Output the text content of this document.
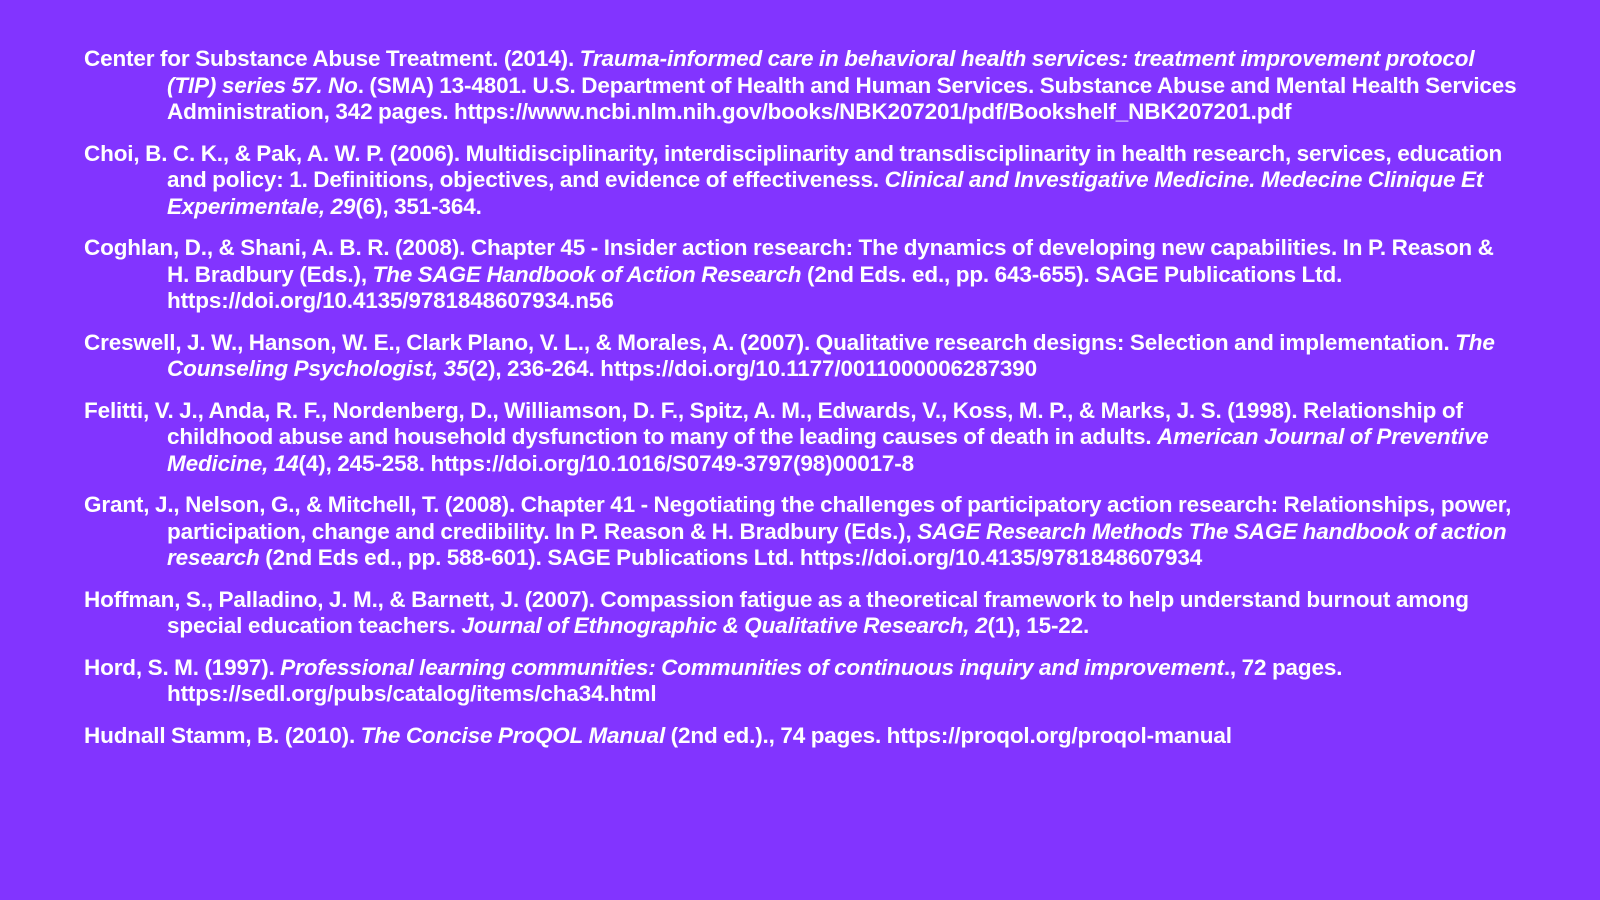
Center for Substance Abuse Treatment. (2014). Trauma-informed care in behavioral health services: treatment improvement protocol (TIP) series 57. No. (SMA) 13-4801. U.S. Department of Health and Human Services. Substance Abuse and Mental Health Services Administration, 342 pages. https://www.ncbi.nlm.nih.gov/books/NBK207201/pdf/Bookshelf_NBK207201.pdf
Choi, B. C. K., & Pak, A. W. P. (2006). Multidisciplinarity, interdisciplinarity and transdisciplinarity in health research, services, education and policy: 1. Definitions, objectives, and evidence of effectiveness. Clinical and Investigative Medicine. Medecine Clinique Et Experimentale, 29(6), 351-364.
Coghlan, D., & Shani, A. B. R. (2008). Chapter 45 - Insider action research: The dynamics of developing new capabilities. In P. Reason & H. Bradbury (Eds.), The SAGE Handbook of Action Research (2nd Eds. ed., pp. 643-655). SAGE Publications Ltd. https://doi.org/10.4135/9781848607934.n56
Creswell, J. W., Hanson, W. E., Clark Plano, V. L., & Morales, A. (2007). Qualitative research designs: Selection and implementation. The Counseling Psychologist, 35(2), 236-264. https://doi.org/10.1177/0011000006287390
Felitti, V. J., Anda, R. F., Nordenberg, D., Williamson, D. F., Spitz, A. M., Edwards, V., Koss, M. P., & Marks, J. S. (1998). Relationship of childhood abuse and household dysfunction to many of the leading causes of death in adults. American Journal of Preventive Medicine, 14(4), 245-258. https://doi.org/10.1016/S0749-3797(98)00017-8
Grant, J., Nelson, G., & Mitchell, T. (2008). Chapter 41 - Negotiating the challenges of participatory action research: Relationships, power, participation, change and credibility. In P. Reason & H. Bradbury (Eds.), SAGE Research Methods The SAGE handbook of action research (2nd Eds ed., pp. 588-601). SAGE Publications Ltd. https://doi.org/10.4135/9781848607934
Hoffman, S., Palladino, J. M., & Barnett, J. (2007). Compassion fatigue as a theoretical framework to help understand burnout among special education teachers. Journal of Ethnographic & Qualitative Research, 2(1), 15-22.
Hord, S. M. (1997). Professional learning communities: Communities of continuous inquiry and improvement., 72 pages. https://sedl.org/pubs/catalog/items/cha34.html
Hudnall Stamm, B. (2010). The Concise ProQOL Manual (2nd ed.)., 74 pages. https://proqol.org/proqol-manual
